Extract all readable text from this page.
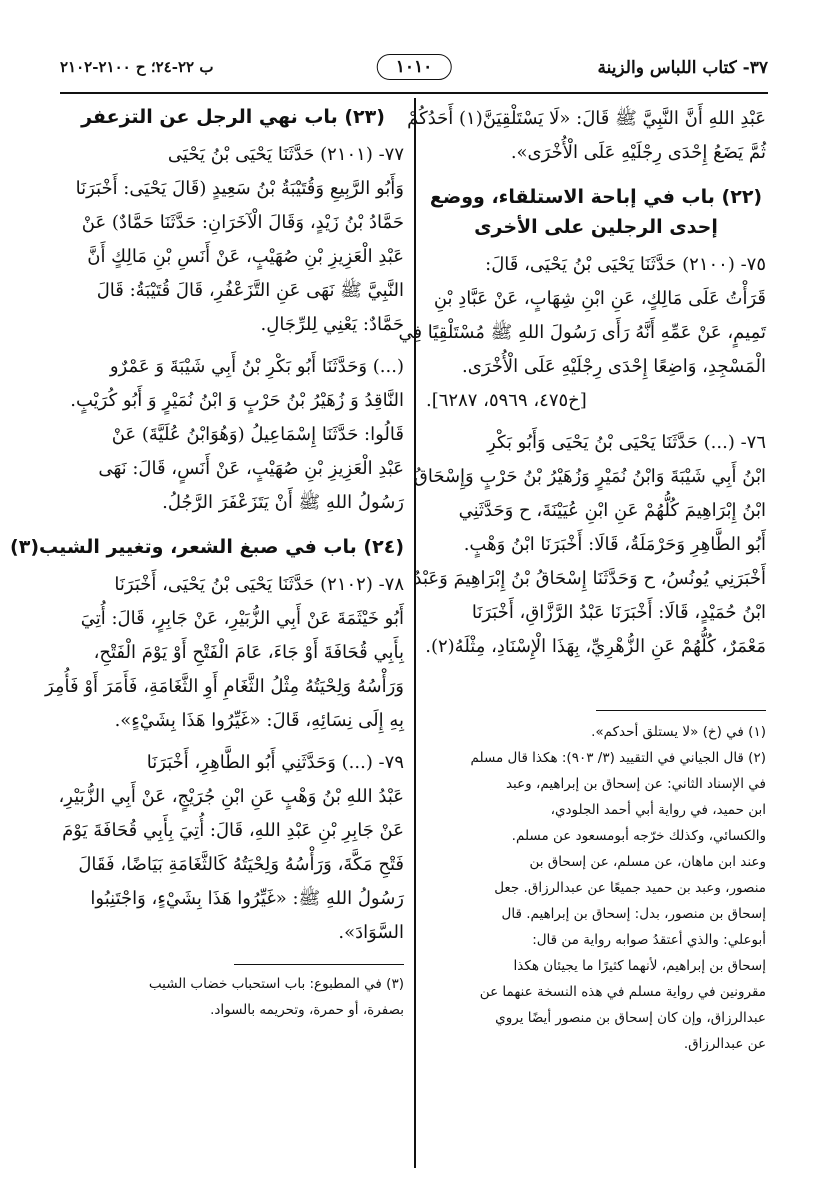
٣٧- كتاب اللباس والزينة
١٠١٠
ب ٢٢-٢٤؛ ح ٢١٠٠-٢١٠٢

عَبْدِ اللهِ أَنَّ النَّبِيَّ ﷺ قَالَ: «لَا يَسْتَلْقِيَنَّ(١) أَحَدُكُمْ
ثُمَّ يَضَعُ إِحْدَى رِجْلَيْهِ عَلَى الْأُخْرَى».

(٢٢) باب في إباحة الاستلقاء، ووضع
إحدى الرجلين على الأخرى

٧٥- (٢١٠٠) حَدَّثَنَا يَحْيَى بْنُ يَحْيَى، قَالَ:
قَرَأْتُ عَلَى مَالِكٍ، عَنِ ابْنِ شِهَابٍ، عَنْ عَبَّادِ بْنِ
تَمِيمٍ، عَنْ عَمِّهِ أَنَّهُ رَأَى رَسُولَ اللهِ ﷺ مُسْتَلْقِيًا فِي
الْمَسْجِدِ، وَاضِعًا إِحْدَى رِجْلَيْهِ عَلَى الْأُخْرَى.
[خ٤٧٥، ٥٩٦٩، ٦٢٨٧].

٧٦- (...) حَدَّثَنَا يَحْيَى بْنُ يَحْيَى وَأَبُو بَكْرِ
ابْنُ أَبِي شَيْبَةَ وَابْنُ نُمَيْرٍ وَزُهَيْرُ بْنُ حَرْبٍ وَإِسْحَاقُ
ابْنُ إِبْرَاهِيمَ كُلُّهُمْ عَنِ ابْنِ عُيَيْنَةَ، ح وَحَدَّثَنِي
أَبُو الطَّاهِرِ وَحَرْمَلَةُ، قَالَا: أَخْبَرَنَا ابْنُ وَهْبٍ.
أَخْبَرَنِي يُونُسُ، ح وَحَدَّثَنَا إِسْحَاقُ بْنُ إِبْرَاهِيمَ وَعَبْدُ
ابْنُ حُمَيْدٍ، قَالَا: أَخْبَرَنَا عَبْدُ الرَّزَّاقِ، أَخْبَرَنَا
مَعْمَرٌ، كُلُّهُمْ عَنِ الزُّهْرِيِّ، بِهَذَا الْإِسْنَادِ، مِثْلَهُ(٢).

(١) في (خ) «لا يستلق أحدكم».

(٢) قال الجياني في التقييد (٣/ ٩٠٣): هكذا قال مسلم
في الإسناد الثاني: عن إسحاق بن إبراهيم، وعبد
ابن حميد، في رواية أبي أحمد الجلودي،
والكسائي، وكذلك خرّجه أبومسعود عن مسلم.
وعند ابن ماهان، عن مسلم، عن إسحاق بن
منصور، وعبد بن حميد جميعًا عن عبدالرزاق. جعل
إسحاق بن منصور، بدل: إسحاق بن إبراهيم. قال
أبوعلي: والذي أعتقدُ صوابه رواية من قال:
إسحاق بن إبراهيم، لأنهما كثيرًا ما يجيئان هكذا
مقرونين في رواية مسلم في هذه النسخة عنهما عن
عبدالرزاق، وإن كان إسحاق بن منصور أيضًا يروي
عن عبدالرزاق.

(٢٣) باب نهي الرجل عن التزعفر

٧٧- (٢١٠١) حَدَّثَنَا يَحْيَى بْنُ يَحْيَى
وَأَبُو الرَّبِيعِ وَقُتَيْبَةُ بْنُ سَعِيدٍ (قَالَ يَحْيَى: أَخْبَرَنَا
حَمَّادُ بْنُ زَيْدٍ، وَقَالَ الْآخَرَانِ: حَدَّثَنَا حَمَّادٌ) عَنْ
عَبْدِ الْعَزِيزِ بْنِ صُهَيْبٍ، عَنْ أَنَسِ بْنِ مَالِكٍ أَنَّ
النَّبِيَّ ﷺ نَهَى عَنِ التَّزَعْفُرِ، قَالَ قُتَيْبَةُ: قَالَ
حَمَّادٌ: يَعْنِي لِلرِّجَالِ.

(...) وَحَدَّثَنَا أَبُو بَكْرِ بْنُ أَبِي شَيْبَةَ وَ عَمْرٌو
النَّاقِدُ وَ زُهَيْرُ بْنُ حَرْبٍ وَ ابْنُ نُمَيْرٍ وَ أَبُو كُرَيْبٍ.
قَالُوا: حَدَّثَنَا إِسْمَاعِيلُ (وَهُوَابْنُ عُلَيَّةَ) عَنْ
عَبْدِ الْعَزِيزِ بْنِ صُهَيْبٍ، عَنْ أَنَسٍ، قَالَ: نَهَى
رَسُولُ اللهِ ﷺ أَنْ يَتَزَعْفَرَ الرَّجُلُ.

(٢٤) باب في صبغ الشعر، وتغيير الشيب(٣)

٧٨- (٢١٠٢) حَدَّثَنَا يَحْيَى بْنُ يَحْيَى، أَخْبَرَنَا
أَبُو خَيْثَمَةَ عَنْ أَبِي الزُّبَيْرِ، عَنْ جَابِرٍ، قَالَ: أُتِيَ
بِأَبِي قُحَافَةَ أَوْ جَاءَ، عَامَ الْفَتْحِ أَوْ يَوْمَ الْفَتْحِ،
وَرَأْسُهُ وَلِحْيَتُهُ مِثْلُ الثَّغَامِ أَوِ الثَّغَامَةِ، فَأَمَرَ أَوْ فَأُمِرَ
بِهِ إِلَى نِسَائِهِ، قَالَ: «غَيِّرُوا هَذَا بِشَيْءٍ».

٧٩- (...) وَحَدَّثَنِي أَبُو الطَّاهِرِ، أَخْبَرَنَا
عَبْدُ اللهِ بْنُ وَهْبٍ عَنِ ابْنِ جُرَيْجٍ، عَنْ أَبِي الزُّبَيْرِ،
عَنْ جَابِرِ بْنِ عَبْدِ اللهِ، قَالَ: أُتِيَ بِأَبِي قُحَافَةَ يَوْمَ
فَتْحِ مَكَّةَ، وَرَأْسُهُ وَلِحْيَتُهُ كَالثَّغَامَةِ بَيَاضًا، فَقَالَ
رَسُولُ اللهِ ﷺ: «غَيِّرُوا هَذَا بِشَيْءٍ، وَاجْتَنِبُوا
السَّوَادَ».

(٣) في المطبوع: باب استحباب خضاب الشيب
بصفرة، أو حمرة، وتحريمه بالسواد.
